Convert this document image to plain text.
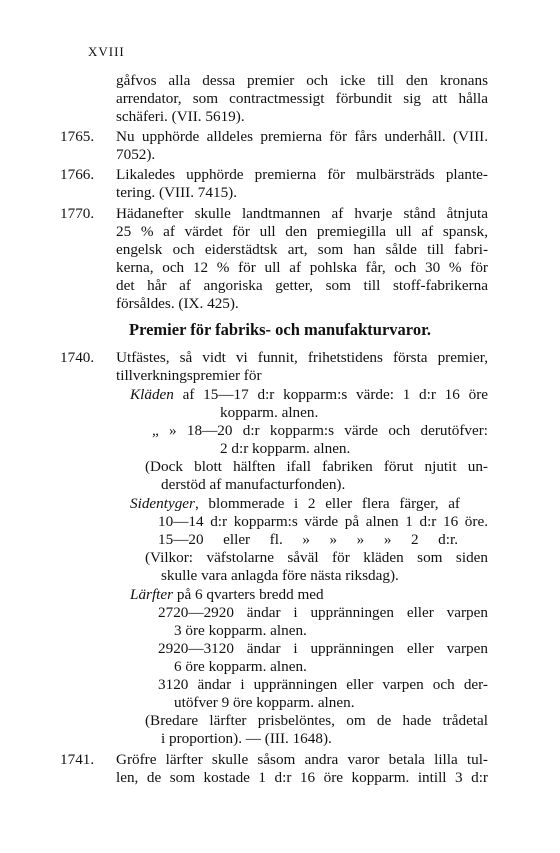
XVIII
gåfvos alla dessa premier och icke till den kronans
arrendator, som contractmessigt förbundit sig att hålla
schäferi. (VII. 5619).
1765. Nu upphörde alldeles premierna för fårs underhåll. (VIII.
7052).
1766. Likaledes upphörde premierna för mulbärsträds plante-
tering. (VIII. 7415).
1770. Hädanefter skulle landtmannen af hvarje stånd åtnjuta
25 % af värdet för ull den premiegilla ull af spansk,
engelsk och eiderstädtsk art, som han sålde till fabri-
kerna, och 12 % för ull af pohlska får, och 30 % för
det hår af angoriska getter, som till stoff-fabrikerna
försåldes. (IX. 425).
Premier för fabriks- och manufakturvaror.
1740. Utfästes, så vidt vi funnit, frihetstidens första premier,
tillverkningspremier för
Kläden af 15—17 d:r kopparm:s värde: 1 d:r 16 öre
kopparm. alnen.
„ » 18—20 d:r kopparm:s värde och derutöfver:
2 d:r kopparm. alnen.
(Dock blott hälften ifall fabriken förut njutit un-
derstöd af manufacturfonden).
Sidentyger, blommerade i 2 eller flera färger, af
10—14 d:r kopparm:s värde på alnen 1 d:r 16 öre.
15—20 eller fl. » » » » 2 d:r.
(Vilkor: väfstolarne såväl för kläden som siden
skulle vara anlagda före nästa riksdag).
Lärfter på 6 qvarters bredd med
2720—2920 ändar i uppränningen eller varpen
3 öre kopparm. alnen.
2920—3120 ändar i uppränningen eller varpen
6 öre kopparm. alnen.
3120 ändar i uppränningen eller varpen och der-
utöfver 9 öre kopparm. alnen.
(Bredare lärfter prisbelöntes, om de hade trådetal
i proportion). — (III. 1648).
1741. Gröfre lärfter skulle såsom andra varor betala lilla tul-
len, de som kostade 1 d:r 16 öre kopparm. intill 3 d:r
